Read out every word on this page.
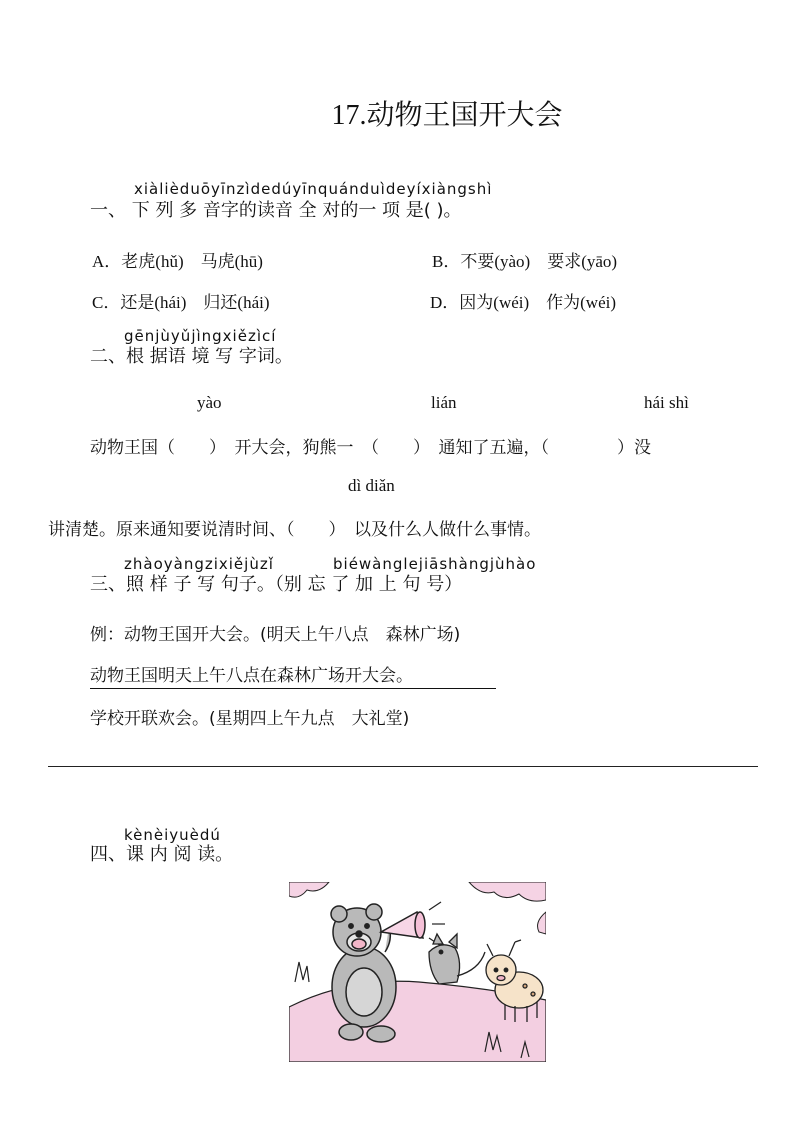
17.动物王国开大会
xiàlièduōyīnzìdedúyīnquánduìdeyíxiàngshì
一、 下 列 多 音字的读音 全 对的一 项 是( )。
A．老虎(hǔ)　马虎(hū)	B．不要(yào)　要求(yāo)
C．还是(hái)　归还(hái)	D．因为(wéi)　作为(wéi)
gēnjùyǔjìngxiězìcí
二、根 据语 境 写 字词。
yào	lián	hái shì
动物王国（　　）　开大会，狗熊一　（　　）　通知了五遍，（　　　　）没
dì diǎn
讲清楚。原来通知要说清时间、（　　）　以及什么人做什么事情。
zhàoyàngzixiějùzǐ	biéwànglejiāshàngjùhào
三、照 样 子 写 句子。（别 忘 了 加 上 句 号）
例：动物王国开大会。(明天上午八点　森林广场)
动物王国明天上午八点在森林广场开大会。
学校开联欢会。(星期四上午九点　大礼堂)
kènèiyuèdú
四、课 内 阅 读。
